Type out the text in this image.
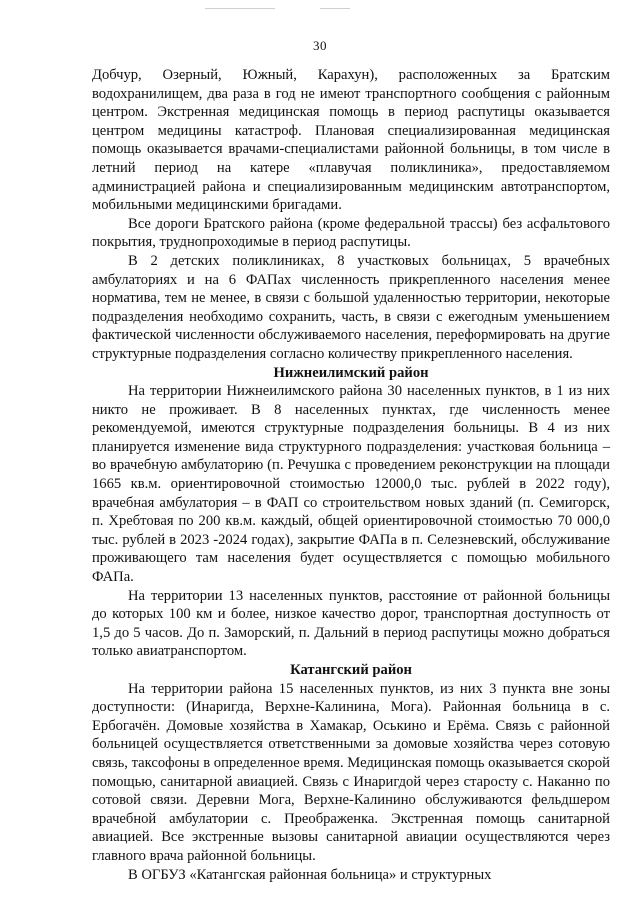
30

Добчур, Озерный, Южный, Карахун), расположенных за Братским водохранилищем, два раза в год не имеют транспортного сообщения с районным центром. Экстренная медицинская помощь в период распутицы оказывается центром медицины катастроф. Плановая специализированная медицинская помощь оказывается врачами-специалистами районной больницы, в том числе в летний период на катере «плавучая поликлиника», предоставляемом администрацией района и специализированным медицинским автотранспортом, мобильными медицинскими бригадами.

Все дороги Братского района (кроме федеральной трассы) без асфальтового покрытия, труднопроходимые в период распутицы.

В 2 детских поликлиниках, 8 участковых больницах, 5 врачебных амбулаториях и на 6 ФАПах численность прикрепленного населения менее норматива, тем не менее, в связи с большой удаленностью территории, некоторые подразделения необходимо сохранить, часть, в связи с ежегодным уменьшением фактической численности обслуживаемого населения, переформировать на другие структурные подразделения согласно количеству прикрепленного населения.

Нижнеилимский район

На территории Нижнеилимского района 30 населенных пунктов, в 1 из них никто не проживает. В 8 населенных пунктах, где численность менее рекомендуемой, имеются структурные подразделения больницы. В 4 из них планируется изменение вида структурного подразделения: участковая больница – во врачебную амбулаторию (п. Речушка с проведением реконструкции на площади 1665 кв.м. ориентировочной стоимостью 12000,0 тыс. рублей в 2022 году), врачебная амбулатория – в ФАП со строительством новых зданий (п. Семигорск, п. Хребтовая по 200 кв.м. каждый, общей ориентировочной стоимостью 70 000,0 тыс. рублей в 2023 -2024 годах), закрытие ФАПа в п. Селезневский, обслуживание проживающего там населения будет осуществляется с помощью мобильного ФАПа.

На территории 13 населенных пунктов, расстояние от районной больницы до которых 100 км и более, низкое качество дорог, транспортная доступность от 1,5 до 5 часов. До п. Заморский, п. Дальний в период распутицы можно добраться только авиатранспортом.

Катангский район

На территории района 15 населенных пунктов, из них 3 пункта вне зоны доступности: (Инаригда, Верхне-Калинина, Мога). Районная больница в с. Ербогачён. Домовые хозяйства в Хамакар, Оськино и Ерёма. Связь с районной больницей осуществляется ответственными за домовые хозяйства через сотовую связь, таксофоны в определенное время. Медицинская помощь оказывается скорой помощью, санитарной авиацией. Связь с Инаригдой через старосту с. Наканно по сотовой связи. Деревни Мога, Верхне-Калинино обслуживаются фельдшером врачебной амбулатории с. Преображенка. Экстренная помощь санитарной авиацией. Все экстренные вызовы санитарной авиации осуществляются через главного врача районной больницы.

В ОГБУЗ «Катангская районная больница» и структурных
